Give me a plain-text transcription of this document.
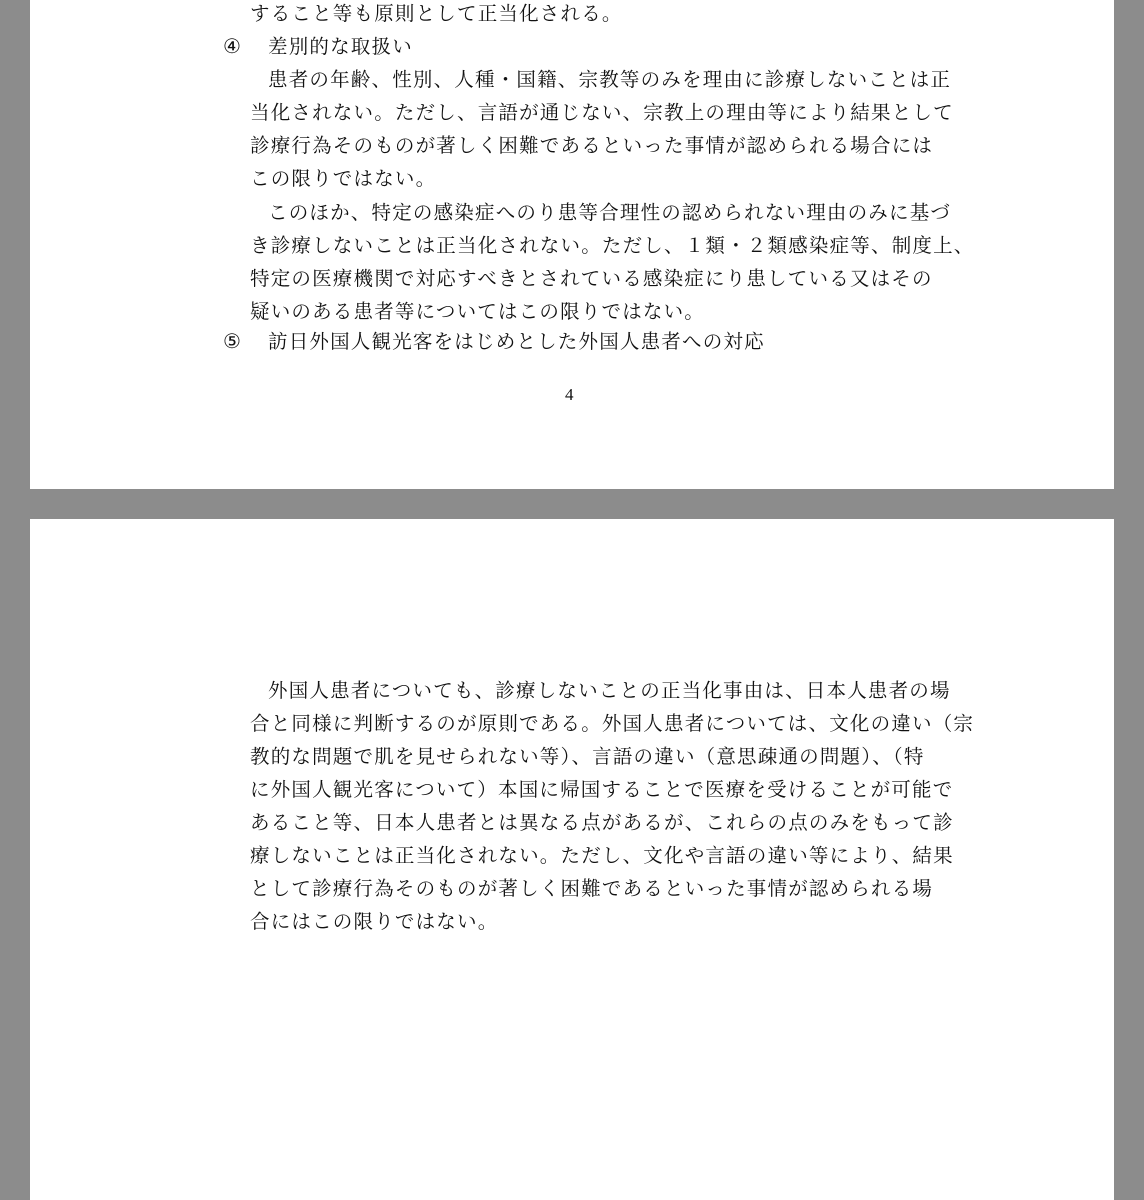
すること等も原則として正当化される。
④ 差別的な取扱い
患者の年齢、性別、人種・国籍、宗教等のみを理由に診療しないことは正
当化されない。ただし、言語が通じない、宗教上の理由等により結果として
診療行為そのものが著しく困難であるといった事情が認められる場合には
この限りではない。
このほか、特定の感染症へのり患等合理性の認められない理由のみに基づ
き診療しないことは正当化されない。ただし、１類・２類感染症等、制度上、
特定の医療機関で対応すべきとされている感染症にり患している又はその
疑いのある患者等についてはこの限りではない。
⑤ 訪日外国人観光客をはじめとした外国人患者への対応
4
外国人患者についても、診療しないことの正当化事由は、日本人患者の場
合と同様に判断するのが原則である。外国人患者については、文化の違い（宗
教的な問題で肌を見せられない等）、言語の違い（意思疎通の問題）、（特
に外国人観光客について）本国に帰国することで医療を受けることが可能で
あること等、日本人患者とは異なる点があるが、これらの点のみをもって診
療しないことは正当化されない。ただし、文化や言語の違い等により、結果
として診療行為そのものが著しく困難であるといった事情が認められる場
合にはこの限りではない。
